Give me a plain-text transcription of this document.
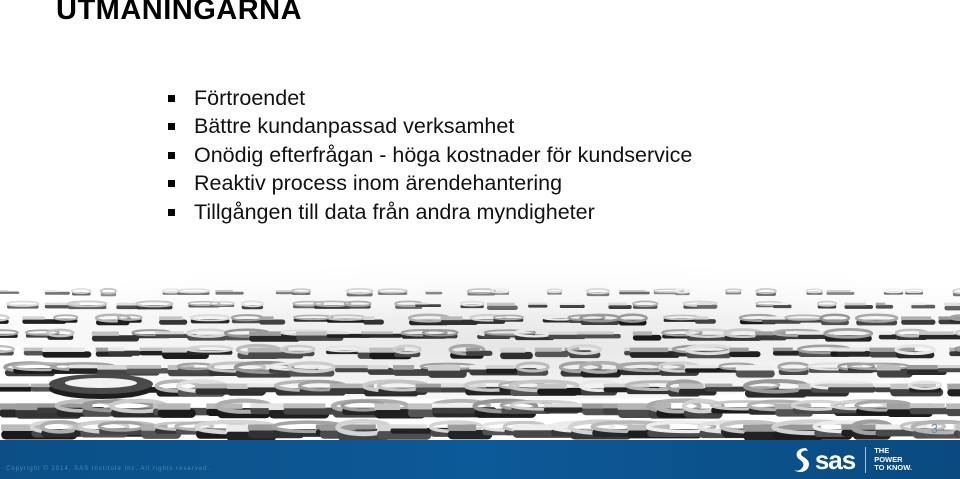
UTMANINGARNA
Förtroendet
Bättre kundanpassad verksamhet
Onödig efterfrågan - höga kostnader för kundservice
Reaktiv process inom ärendehantering
Tillgången till data från andra myndigheter
3
Copyright © 2014, SAS Institute Inc. All rights reserved.	sas	THE
POWER
TO KNOW.
